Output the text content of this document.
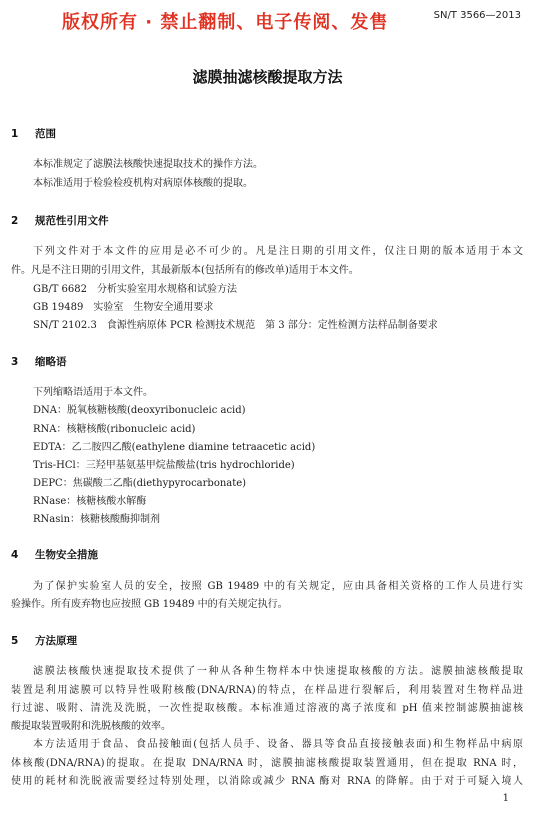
版权所有 · 禁止翻制、电子传阅、发售	SN/T 3566—2013
滤膜抽滤核酸提取方法
1 范围
本标准规定了滤膜法核酸快速提取技术的操作方法。
本标准适用于检验检疫机构对病原体核酸的提取。
2 规范性引用文件
下列文件对于本文件的应用是必不可少的。凡是注日期的引用文件，仅注日期的版本适用于本文
件。凡是不注日期的引用文件，其最新版本(包括所有的修改单)适用于本文件。
GB/T 6682　分析实验室用水规格和试验方法
GB 19489　实验室　生物安全通用要求
SN/T 2102.3　食源性病原体 PCR 检测技术规范　第 3 部分：定性检测方法样品制备要求
3 缩略语
下列缩略语适用于本文件。
DNA：脱氧核糖核酸(deoxyribonucleic acid)
RNA：核糖核酸(ribonucleic acid)
EDTA：乙二胺四乙酸(eathylene diamine tetraacetic acid)
Tris-HCl：三羟甲基氨基甲烷盐酸盐(tris hydrochloride)
DEPC：焦碳酸二乙酯(diethypyrocarbonate)
RNase：核糖核酸水解酶
RNasin：核糖核酸酶抑制剂
4 生物安全措施
为了保护实验室人员的安全，按照 GB 19489 中的有关规定，应由具备相关资格的工作人员进行实
验操作。所有废弃物也应按照 GB 19489 中的有关规定执行。
5 方法原理
滤膜法核酸快速提取技术提供了一种从各种生物样本中快速提取核酸的方法。滤膜抽滤核酸提取
装置是利用滤膜可以特异性吸附核酸(DNA/RNA)的特点，在样品进行裂解后，利用装置对生物样品进
行过滤、吸附、清洗及洗脱，一次性提取核酸。本标准通过溶液的离子浓度和 pH 值来控制滤膜抽滤核
酸提取装置吸附和洗脱核酸的效率。
本方法适用于食品、食品接触面(包括人员手、设备、器具等食品直接接触表面)和生物样品中病原
体核酸(DNA/RNA)的提取。在提取 DNA/RNA 时，滤膜抽滤核酸提取装置通用，但在提取 RNA 时，
使用的耗材和洗脱液需要经过特别处理，以消除或减少 RNA 酶对 RNA 的降解。由于对于可疑入境人
1
